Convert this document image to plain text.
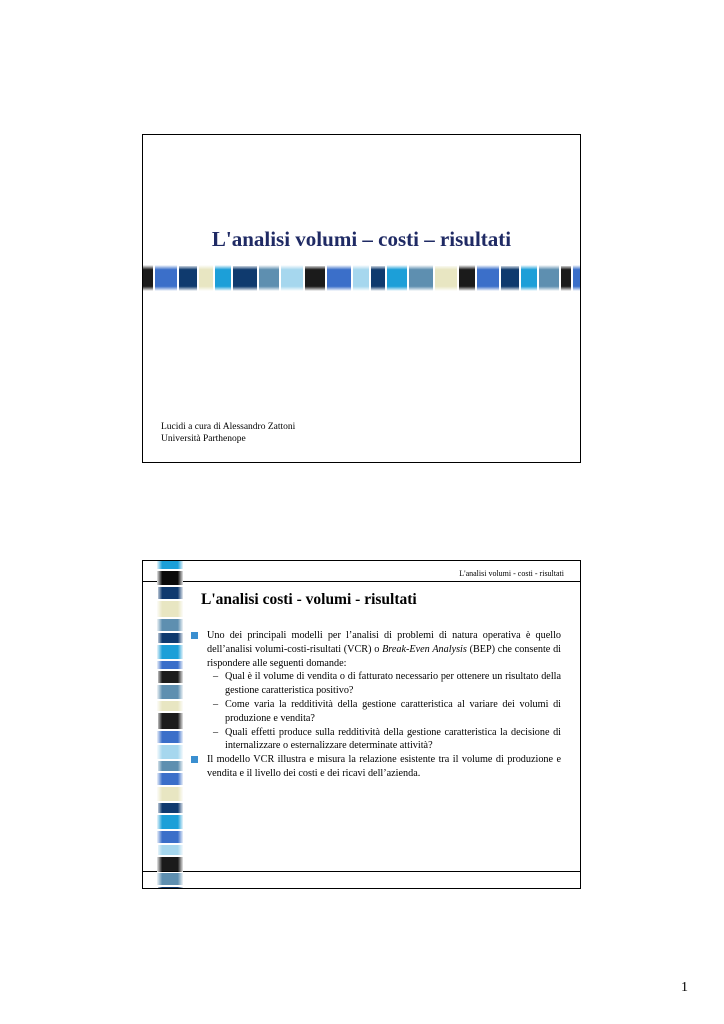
L'analisi volumi – costi – risultati
Lucidi a cura di Alessandro Zattoni
Università Parthenope
L'analisi volumi - costi - risultati
L'analisi costi - volumi - risultati
Uno dei principali modelli per l’analisi di problemi di natura operativa è quello dell’analisi volumi-costi-risultati (VCR) o Break-Even Analysis (BEP) che consente di rispondere alle seguenti domande:
– Qual è il volume di vendita o di fatturato necessario per ottenere un risultato della gestione caratteristica positivo?
– Come varia la redditività della gestione caratteristica al variare dei volumi di produzione e vendita?
– Quali effetti produce sulla redditività della gestione caratteristica la decisione di internalizzare o esternalizzare determinate attività?
Il modello VCR illustra e misura la relazione esistente tra il volume di produzione e vendita e il livello dei costi e dei ricavi dell’azienda.
1
